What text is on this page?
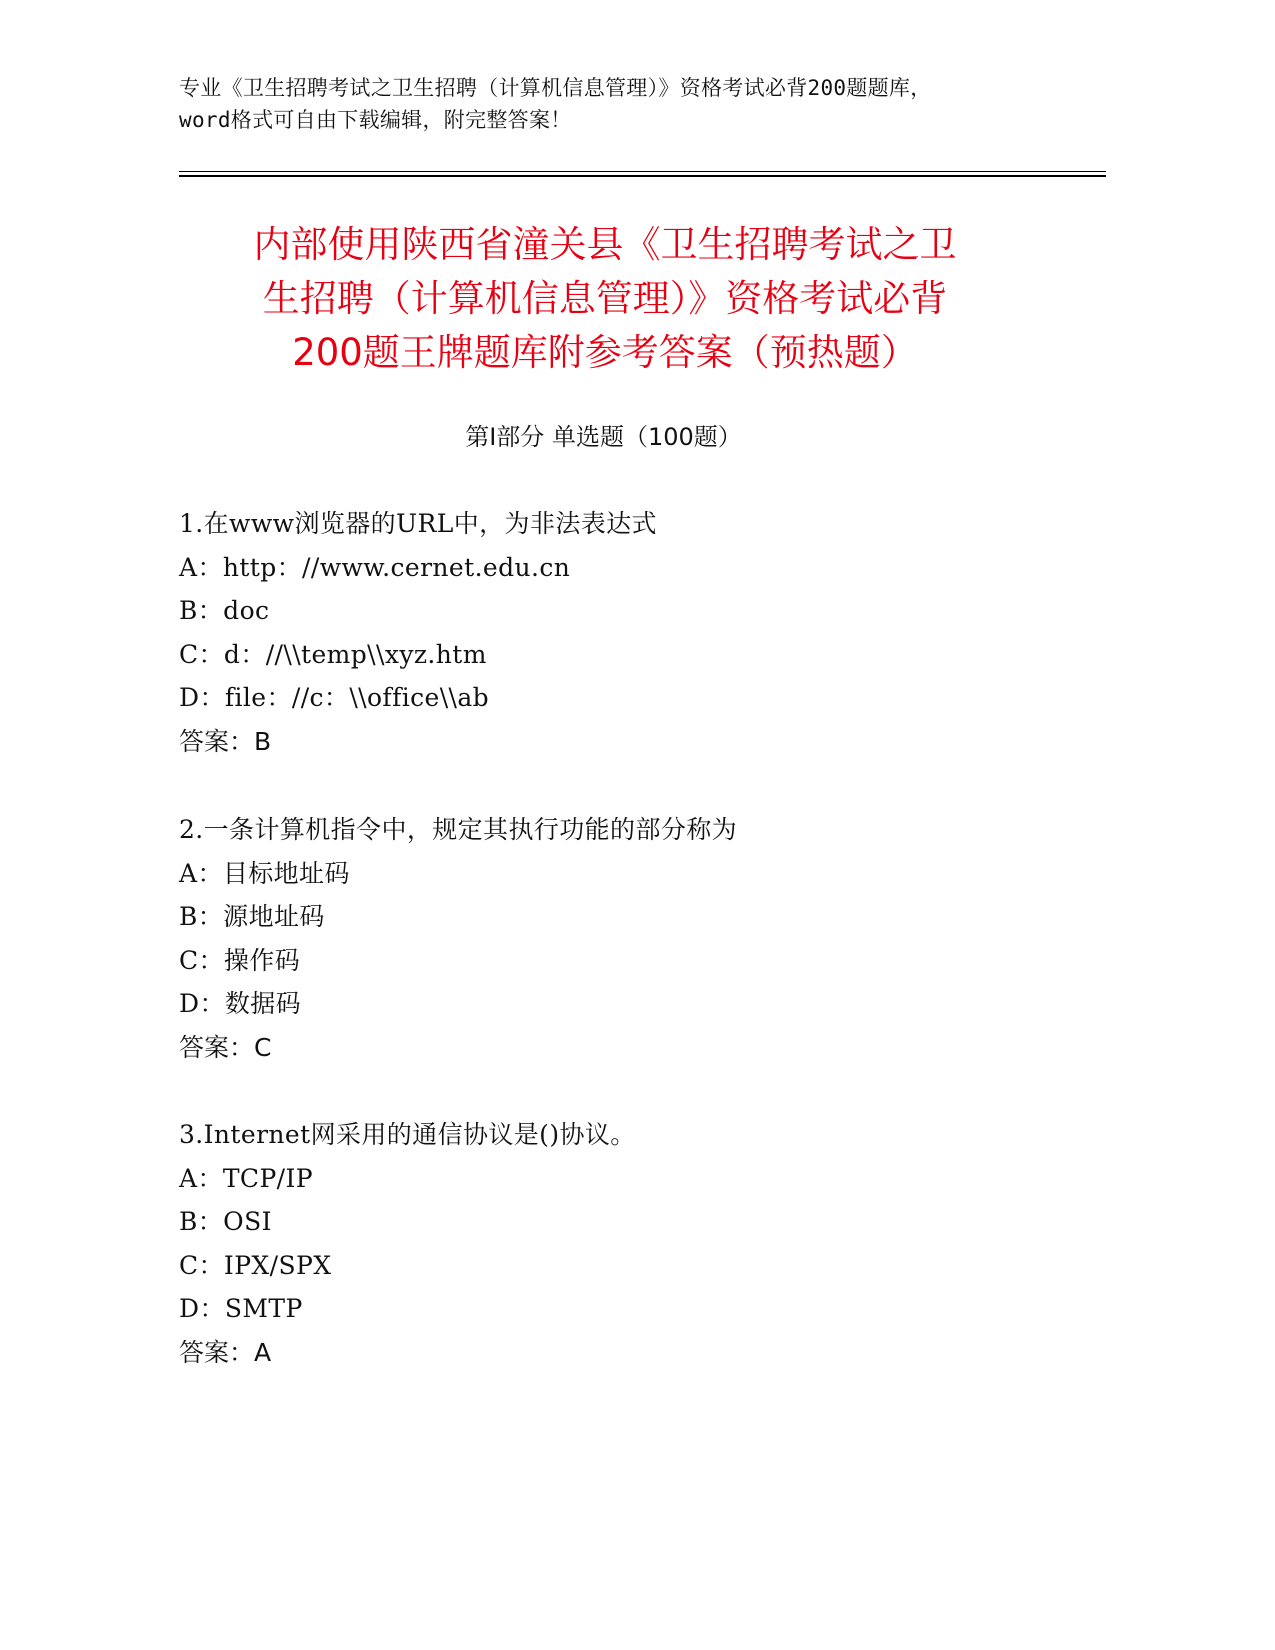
专业《卫生招聘考试之卫生招聘（计算机信息管理）》资格考试必背200题题库，
word格式可自由下载编辑，附完整答案！
内部使用陕西省潼关县《卫生招聘考试之卫
生招聘（计算机信息管理）》资格考试必背
200题王牌题库附参考答案（预热题）
第Ⅰ部分 单选题（100题）
1.在www浏览器的URL中，为非法表达式
A：http：//www.cernet.edu.cn
B：doc
C：d：//\\temp\\xyz.htm
D：file：//c：\\office\\ab
答案：B
2.一条计算机指令中，规定其执行功能的部分称为
A：目标地址码
B：源地址码
C：操作码
D：数据码
答案：C
3.Internet网采用的通信协议是()协议。
A：TCP/IP
B：OSI
C：IPX/SPX
D：SMTP
答案：A
